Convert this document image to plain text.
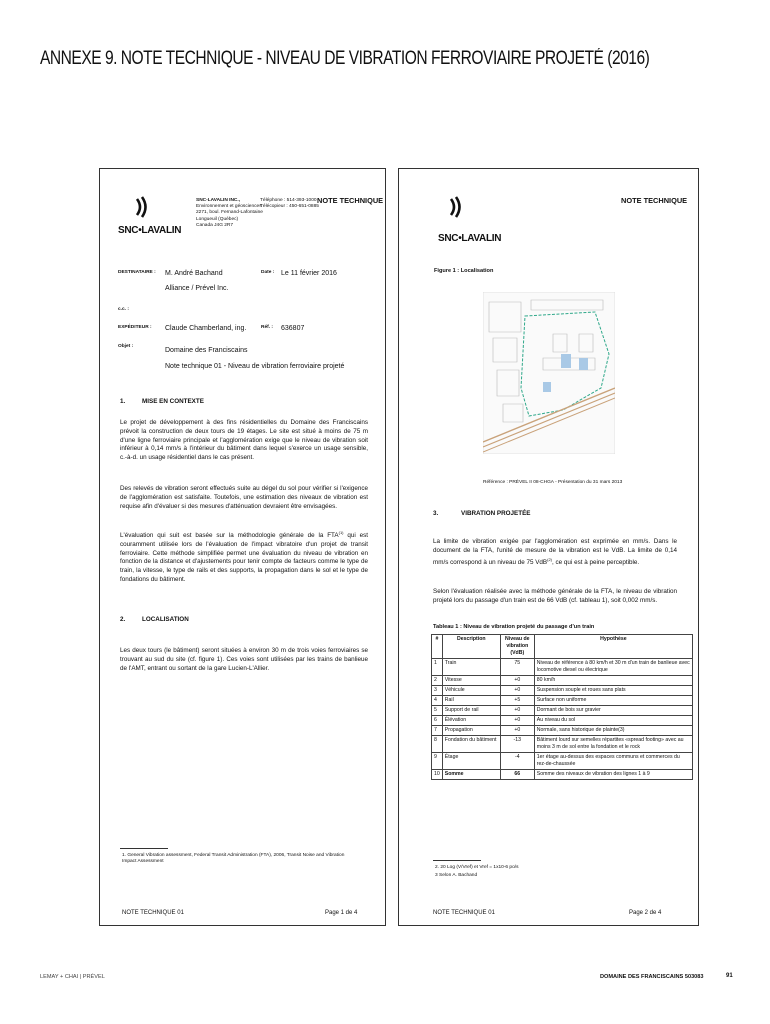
ANNEXE 9. NOTE TECHNIQUE - NIVEAU DE VIBRATION FERROVIAIRE PROJETÉ (2016)
SNC•LAVALIN
SNC-LAVALIN INC.,
Environnement et géosciences
2271, boul. Fernand-Lafontaine
Longueuil (Québec)
Canada J4G 2R7
Téléphone : 514-393-1000
Télécopieur : 450-651-0885
NOTE TECHNIQUE
DESTINATAIRE : M. André Bachand
Alliance / Prével Inc.
Date : Le 11 février 2016
c.c. :
EXPÉDITEUR : Claude Chamberland, ing.	Réf. : 636807
Objet :
Domaine des Franciscains
Note technique 01 - Niveau de vibration ferroviaire projeté
1.	MISE EN CONTEXTE
Le projet de développement à des fins résidentielles du Domaine des Franciscains prévoit la construction de deux tours de 19 étages. Le site est situé à moins de 75 m d'une ligne ferroviaire principale et l'agglomération exige que le niveau de vibration soit inférieur à 0,14 mm/s à l'intérieur du bâtiment dans lequel s'exerce un usage sensible, c.-à-d. un usage résidentiel dans le cas présent.
Des relevés de vibration seront effectués suite au dégel du sol pour vérifier si l'exigence de l'agglomération est satisfaite. Toutefois, une estimation des niveaux de vibration est requise afin d'évaluer si des mesures d'atténuation devraient être envisagées.
L'évaluation qui suit est basée sur la méthodologie générale de la FTA$^{(1)}$ qui est couramment utilisée lors de l'évaluation de l'impact vibratoire d'un projet de transit ferroviaire. Cette méthode simplifiée permet une évaluation du niveau de vibration en fonction de la distance et d'ajustements pour tenir compte de facteurs comme le type de train, la vitesse, le type de rails et des supports, la propagation dans le sol et le type de fondations du bâtiment.
2.	LOCALISATION
Les deux tours (le bâtiment) seront situées à environ 30 m de trois voies ferroviaires se trouvant au sud du site (cf. figure 1). Ces voies sont utilisées par les trains de banlieue de l'AMT, entrant ou sortant de la gare Lucien-L'Allier.
1. General Vibration assessment, Federal Transit Administration (FTA), 2006, Transit Noise and Vibration Impact Assessment
NOTE TECHNIQUE 01	Page 1 de 4
NOTE TECHNIQUE
SNC•LAVALIN
Figure 1 : Localisation
Référence : PRÉVEL II 08-CHGA - Présentation du 31 mars 2013
3.	VIBRATION PROJETÉE
La limite de vibration exigée par l'agglomération est exprimée en mm/s. Dans le document de la FTA, l'unité de mesure de la vibration est le VdB. La limite de 0,14 mm/s correspond à un niveau de 75 VdB$^{(2)}$, ce qui est à peine perceptible.
Selon l'évaluation réalisée avec la méthode générale de la FTA, le niveau de vibration projeté lors du passage d'un train est de 66 VdB (cf. tableau 1), soit 0,002 mm/s.
Tableau 1 : Niveau de vibration projeté du passage d'un train
#	Description	Niveau de vibration (VdB)	Hypothèse
1	Train	75	Niveau de référence à 80 km/h et 30 m d'un train de banlieue avec locomotive diesel ou électrique
2	Vitesse	+0	80 km/h
3	Véhicule	+0	Suspension souple et roues sans plats
4	Rail	+5	Surface non uniforme
5	Support de rail	+0	Dormant de bois sur gravier
6	Élévation	+0	Au niveau du sol
7	Propagation	+0	Normale, sans historique de plainte(3)
8	Fondation du bâtiment	-13	Bâtiment lourd sur semelles répartites «spread footing» avec au moins 3 m de sol entre la fondation et le rock
9	Étage	-4	1er étage au-dessus des espaces communs et commerces du rez-de-chaussée
10	Somme	66	Somme des niveaux de vibration des lignes 1 à 9
2. 20 Log (V/Vref) et Vref = 1x10-6 po/s
3 Selon A. Bachand
NOTE TECHNIQUE 01	Page 2 de 4
LEMAY + CHAI | PRÉVEL	DOMAINE DES FRANCISCAINS 503083	91
